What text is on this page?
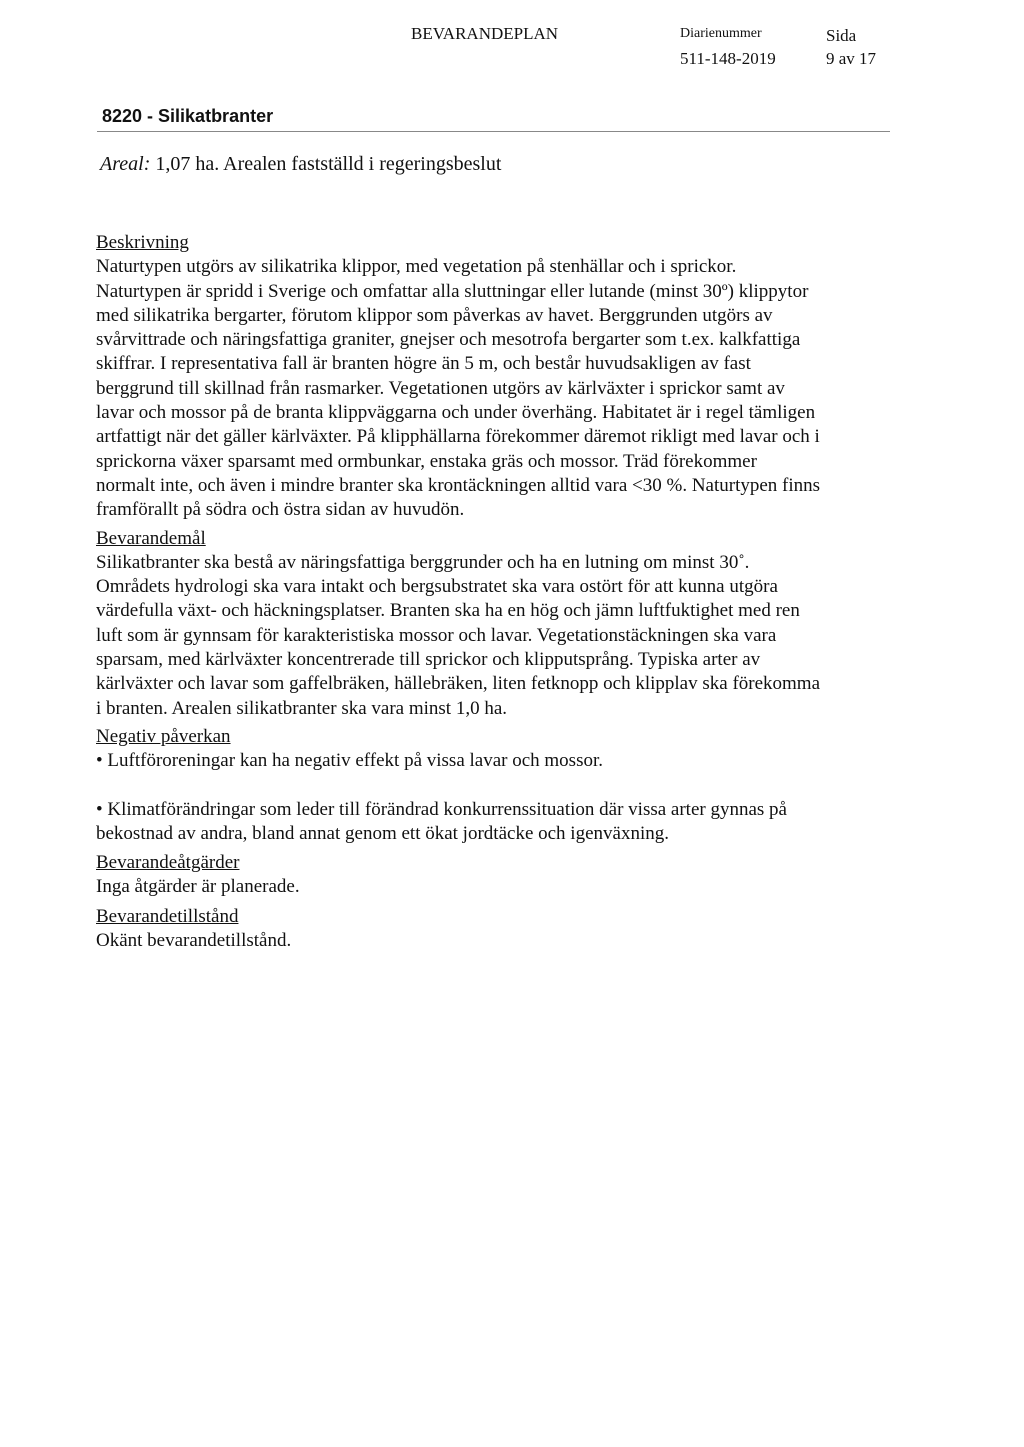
BEVARANDEPLAN	Diarienummer
511-148-2019
Sida
9 av 17
8220 - Silikatbranter
Areal: 1,07 ha. Arealen fastställd i regeringsbeslut

Beskrivning

Naturtypen utgörs av silikatrika klippor, med vegetation på stenhällar och i sprickor.
Naturtypen är spridd i Sverige och omfattar alla sluttningar eller lutande (minst 30º) klippytor
med silikatrika bergarter, förutom klippor som påverkas av havet. Berggrunden utgörs av
svårvittrade och näringsfattiga graniter, gnejser och mesotrofa bergarter som t.ex. kalkfattiga
skiffrar. I representativa fall är branten högre än 5 m, och består huvudsakligen av fast
berggrund till skillnad från rasmarker. Vegetationen utgörs av kärlväxter i sprickor samt av
lavar och mossor på de branta klippväggarna och under överhäng. Habitatet är i regel tämligen
artfattigt när det gäller kärlväxter. På klipphällarna förekommer däremot rikligt med lavar och i
sprickorna växer sparsamt med ormbunkar, enstaka gräs och mossor. Träd förekommer
normalt inte, och även i mindre branter ska krontäckningen alltid vara <30 %. Naturtypen finns
framförallt på södra och östra sidan av huvudön.

Bevarandemål

Silikatbranter ska bestå av näringsfattiga berggrunder och ha en lutning om minst 30˚.
Områdets hydrologi ska vara intakt och bergsubstratet ska vara ostört för att kunna utgöra
värdefulla växt- och häckningsplatser. Branten ska ha en hög och jämn luftfuktighet med ren
luft som är gynnsam för karakteristiska mossor och lavar. Vegetationstäckningen ska vara
sparsam, med kärlväxter koncentrerade till sprickor och klipputsprång. Typiska arter av
kärlväxter och lavar som gaffelbräken, hällebräken, liten fetknopp och klipplav ska förekomma
i branten. Arealen silikatbranter ska vara minst 1,0 ha.

Negativ påverkan

• Luftföroreningar kan ha negativ effekt på vissa lavar och mossor.

• Klimatförändringar som leder till förändrad konkurrenssituation där vissa arter gynnas på
bekostnad av andra, bland annat genom ett ökat jordtäcke och igenväxning.

Bevarandeåtgärder

Inga åtgärder är planerade.

Bevarandetillstånd

Okänt bevarandetillstånd.
